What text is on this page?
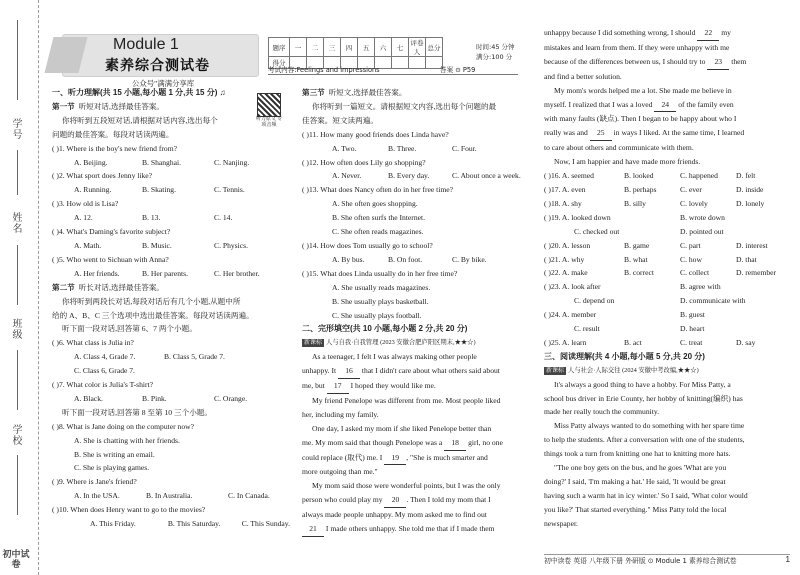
学号
姓名
班级
学校
初中试卷
Module 1
素养综合测试卷
题序	一	二	三	四	五	六	七	评卷人	总分
得分									
时间:45 分钟
满分:100 分
考试内容:Feelings and impressions	答案 ⊙ P59
公众号"满满分享库
听力原文 专项音频
一、听力理解(共 15 小题,每小题 1 分,共 15 分) ♫
第一节 听短对话,选择最佳答案。
你将听到五段短对话,请根据对话内容,选出每个
问题的最佳答案。每段对话读两遍。
( )1. Where is the boy's new friend from?
A. Beijing.	B. Shanghai.	C. Nanjing.
( )2. What sport does Jenny like?
A. Running.	B. Skating.	C. Tennis.
( )3. How old is Lisa?
A. 12.	B. 13.	C. 14.
( )4. What's Daming's favorite subject?
A. Math.	B. Music.	C. Physics.
( )5. Who went to Sichuan with Anna?
A. Her friends.	B. Her parents.	C. Her brother.
第二节 听长对话,选择最佳答案。
你将听到两段长对话,每段对话后有几个小题,从题中所
给的 A、B、C 三个选项中选出最佳答案。每段对话读两遍。
听下面一段对话,回答第 6、7 两个小题。
( )6. What class is Julia in?
A. Class 4, Grade 7.	B. Class 5, Grade 7.
C. Class 6, Grade 7.
( )7. What color is Julia's T-shirt?
A. Black.	B. Pink.	C. Orange.
听下面一段对话,回答第 8 至第 10 三个小题。
( )8. What is Jane doing on the computer now?
A. She is chatting with her friends.
B. She is writing an email.
C. She is playing games.
( )9. Where is Jane's friend?
A. In the USA.	B. In Australia.	C. In Canada.
( )10. When does Henry want to go to the movies?
A. This Friday.	B. This Saturday.	C. This Sunday.
第三节 听短文,选择最佳答案。
你将听到一篇短文。请根据短文内容,选出每个问题的最
佳答案。短文读两遍。
( )11. How many good friends does Linda have?
A. Two.	B. Three.	C. Four.
( )12. How often does Lily go shopping?
A. Never.	B. Every day.	C. About once a week.
( )13. What does Nancy often do in her free time?
A. She often goes shopping.
B. She often surfs the Internet.
C. She often reads magazines.
( )14. How does Tom usually go to school?
A. By bus.	B. On foot.	C. By bike.
( )15. What does Linda usually do in her free time?
A. She usually reads magazines.
B. She usually plays basketball.
C. She usually plays football.
二、完形填空(共 10 小题,每小题 2 分,共 20 分)
新课标 人与自我·自我管理 (2023 安徽合肥庐阳区期末,★★☆)
As a teenager, I felt I was always making other people
unhappy. It 16 that I didn't care about what others said about
me, but 17 I hoped they would like me.
My friend Penelope was different from me. Most people liked
her, including my family.
One day, I asked my mom if she liked Penelope better than
me. My mom said that though Penelope was a 18 girl, no one
could replace (取代) me. I 19 , "She is much smarter and
more outgoing than me."
My mom said those were wonderful points, but I was the only
person who could play my 20 . Then I told my mom that I
always made people unhappy. My mom asked me to find out
21 I made others unhappy. She told me that if I made them
unhappy because I did something wrong, I should 22 my
mistakes and learn from them. If they were unhappy with me
because of the differences between us, I should try to 23 them
and find a better solution.
My mom's words helped me a lot. She made me believe in
myself. I realized that I was a loved 24 of the family even
with many faults (缺点). Then I began to be happy about who I
really was and 25 in ways I liked. At the same time, I learned
to care about others and communicate with them.
Now, I am happier and have made more friends.
( )16. A. seemed	B. looked	C. happened	D. felt
( )17. A. even	B. perhaps	C. ever	D. inside
( )18. A. shy	B. silly	C. lovely	D. lonely
( )19. A. looked down	B. wrote down
C. checked out	D. pointed out
( )20. A. lesson	B. game	C. part	D. interest
( )21. A. why	B. what	C. how	D. that
( )22. A. make	B. correct	C. collect	D. remember
( )23. A. look after	B. agree with
C. depend on	D. communicate with
( )24. A. member	B. guest
C. result	D. heart
( )25. A. learn	B. act	C. treat	D. say
三、阅读理解(共 4 小题,每小题 5 分,共 20 分)
新课标 人与社会·人际交往 (2024 安徽中考改编,★★☆)
It's always a good thing to have a hobby. For Miss Patty, a
school bus driver in Erie County, her hobby of knitting(编织) has
made her really touch the community.
Miss Patty always wanted to do something with her spare time
to help the students. After a conversation with one of the students,
things took a turn from knitting one hat to knitting more hats.
"The one boy gets on the bus, and he goes 'What are you
doing?' I said, 'I'm making a hat.' He said, 'It would be great
having such a warm hat in icy winter.' So I said, 'What color would
you like?' That started everything." Miss Patty told the local
newspaper.
初中读卷 英语 八年级下册 外研版 ⊙ Module 1 素养综合测试卷	1
